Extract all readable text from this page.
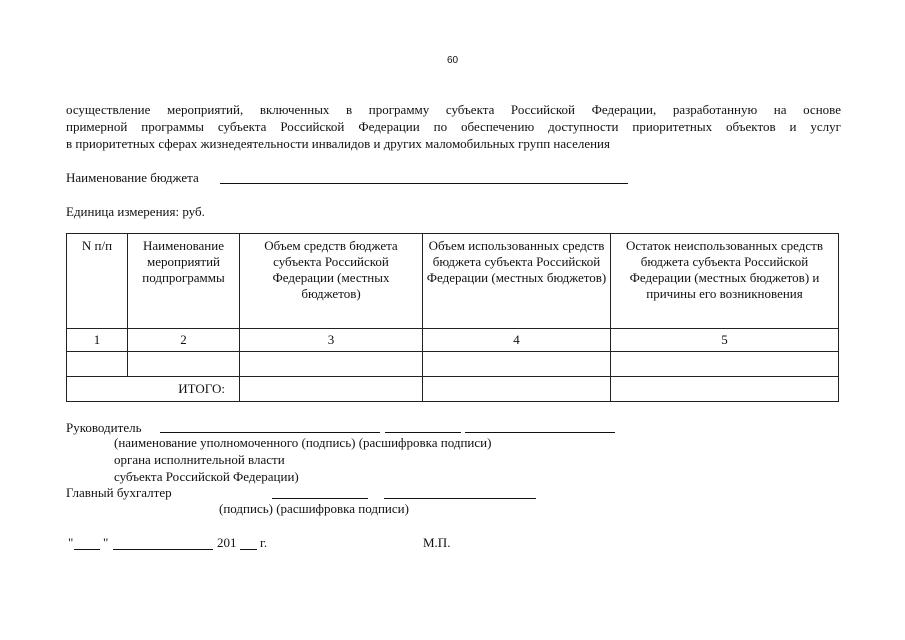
60
осуществление мероприятий, включенных в программу субъекта Российской Федерации, разработанную на основе
примерной программы субъекта Российской Федерации по обеспечению доступности приоритетных объектов и услуг
в приоритетных сферах жизнедеятельности инвалидов и других маломобильных групп населения
Наименование бюджета
Единица измерения: руб.
N п/п	Наименование мероприятий подпрограммы	Объем средств бюджета субъекта Российской Федерации (местных бюджетов)	Объем использованных средств бюджета субъекта Российской Федерации (местных бюджетов)	Остаток неиспользованных средств бюджета субъекта Российской Федерации (местных бюджетов) и причины его возникновения
1	2	3	4	5

ИТОГО:				
Руководитель
(наименование уполномоченного (подпись) (расшифровка подписи)
органа исполнительной власти
субъекта Российской Федерации)
Главный бухгалтер
(подпись) (расшифровка подписи)
" "	201 г.	М.П.
